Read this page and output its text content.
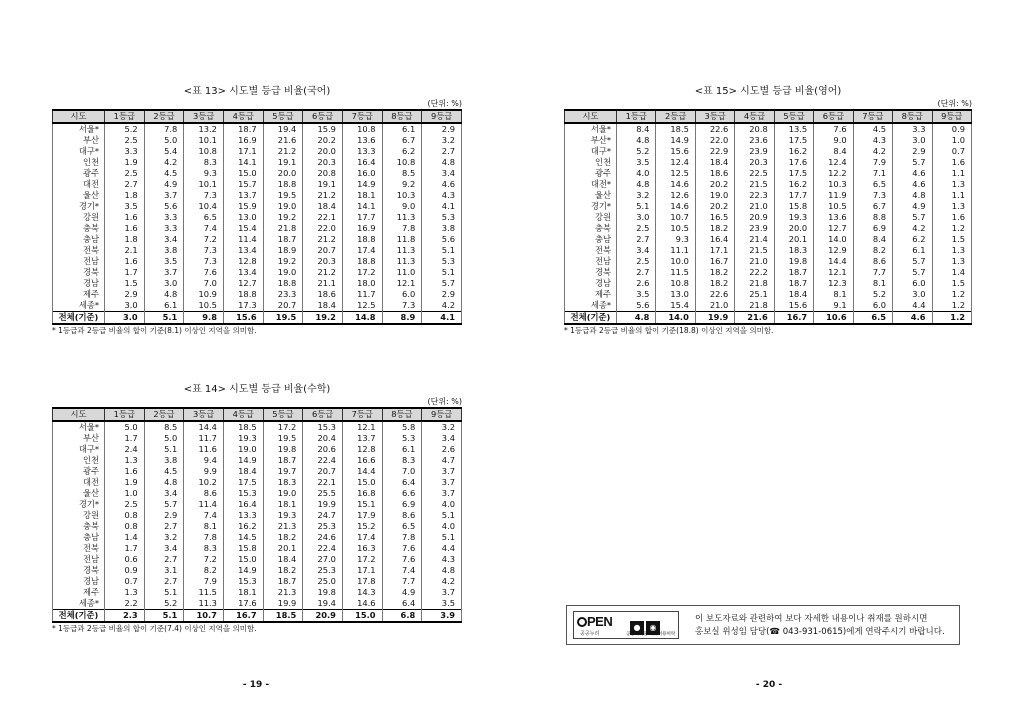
<표 13> 시도별 등급 비율(국어)
(단위: %)
시도	1등급	2등급	3등급	4등급	5등급	6등급	7등급	8등급	9등급
서울*	5.2	7.8	13.2	18.7	19.4	15.9	10.8	6.1	2.9
부산	2.5	5.0	10.1	16.9	21.6	20.2	13.6	6.7	3.2
대구*	3.3	5.4	10.8	17.1	21.2	20.0	13.3	6.2	2.7
인천	1.9	4.2	8.3	14.1	19.1	20.3	16.4	10.8	4.8
광주	2.5	4.5	9.3	15.0	20.0	20.8	16.0	8.5	3.4
대전	2.7	4.9	10.1	15.7	18.8	19.1	14.9	9.2	4.6
울산	1.8	3.7	7.3	13.7	19.5	21.2	18.1	10.3	4.3
경기*	3.5	5.6	10.4	15.9	19.0	18.4	14.1	9.0	4.1
강원	1.6	3.3	6.5	13.0	19.2	22.1	17.7	11.3	5.3
충북	1.6	3.3	7.4	15.4	21.8	22.0	16.9	7.8	3.8
충남	1.8	3.4	7.2	11.4	18.7	21.2	18.8	11.8	5.6
전북	2.1	3.8	7.3	13.4	18.9	20.7	17.4	11.3	5.1
전남	1.6	3.5	7.3	12.8	19.2	20.3	18.8	11.3	5.3
경북	1.7	3.7	7.6	13.4	19.0	21.2	17.2	11.0	5.1
경남	1.5	3.0	7.0	12.7	18.8	21.1	18.0	12.1	5.7
제주	2.9	4.8	10.9	18.8	23.3	18.6	11.7	6.0	2.9
세종*	3.0	6.1	10.5	17.3	20.7	18.4	12.5	7.3	4.2
전체(기준)	3.0	5.1	9.8	15.6	19.5	19.2	14.8	8.9	4.1
* 1등급과 2등급 비율의 합이 기준(8.1) 이상인 지역을 의미함.
<표 14> 시도별 등급 비율(수학)
(단위: %)
시도	1등급	2등급	3등급	4등급	5등급	6등급	7등급	8등급	9등급
서울*	5.0	8.5	14.4	18.5	17.2	15.3	12.1	5.8	3.2
부산	1.7	5.0	11.7	19.3	19.5	20.4	13.7	5.3	3.4
대구*	2.4	5.1	11.6	19.0	19.8	20.6	12.8	6.1	2.6
인천	1.3	3.8	9.4	14.9	18.7	22.4	16.6	8.3	4.7
광주	1.6	4.5	9.9	18.4	19.7	20.7	14.4	7.0	3.7
대전	1.9	4.8	10.2	17.5	18.3	22.1	15.0	6.4	3.7
울산	1.0	3.4	8.6	15.3	19.0	25.5	16.8	6.6	3.7
경기*	2.5	5.7	11.4	16.4	18.1	19.9	15.1	6.9	4.0
강원	0.8	2.9	7.4	13.3	19.3	24.7	17.9	8.6	5.1
충북	0.8	2.7	8.1	16.2	21.3	25.3	15.2	6.5	4.0
충남	1.4	3.2	7.8	14.5	18.2	24.6	17.4	7.8	5.1
전북	1.7	3.4	8.3	15.8	20.1	22.4	16.3	7.6	4.4
전남	0.6	2.7	7.2	15.0	18.4	27.0	17.2	7.6	4.3
경북	0.9	3.1	8.2	14.9	18.2	25.3	17.1	7.4	4.8
경남	0.7	2.7	7.9	15.3	18.7	25.0	17.8	7.7	4.2
제주	1.3	5.1	11.5	18.1	21.3	19.8	14.3	4.9	3.7
세종*	2.2	5.2	11.3	17.6	19.9	19.4	14.6	6.4	3.5
전체(기준)	2.3	5.1	10.7	16.7	18.5	20.9	15.0	6.8	3.9
* 1등급과 2등급 비율의 합이 기준(7.4) 이상인 지역을 의미함.
<표 15> 시도별 등급 비율(영어)
(단위: %)
시도	1등급	2등급	3등급	4등급	5등급	6등급	7등급	8등급	9등급
서울*	8.4	18.5	22.6	20.8	13.5	7.6	4.5	3.3	0.9
부산*	4.8	14.9	22.0	23.6	17.5	9.0	4.3	3.0	1.0
대구*	5.2	15.6	22.9	23.9	16.2	8.4	4.2	2.9	0.7
인천	3.5	12.4	18.4	20.3	17.6	12.4	7.9	5.7	1.6
광주	4.0	12.5	18.6	22.5	17.5	12.2	7.1	4.6	1.1
대전*	4.8	14.6	20.2	21.5	16.2	10.3	6.5	4.6	1.3
울산	3.2	12.6	19.0	22.3	17.7	11.9	7.3	4.8	1.1
경기*	5.1	14.6	20.2	21.0	15.8	10.5	6.7	4.9	1.3
강원	3.0	10.7	16.5	20.9	19.3	13.6	8.8	5.7	1.6
충북	2.5	10.5	18.2	23.9	20.0	12.7	6.9	4.2	1.2
충남	2.7	9.3	16.4	21.4	20.1	14.0	8.4	6.2	1.5
전북	3.4	11.1	17.1	21.5	18.3	12.9	8.2	6.1	1.3
전남	2.5	10.0	16.7	21.0	19.8	14.4	8.6	5.7	1.3
경북	2.7	11.5	18.2	22.2	18.7	12.1	7.7	5.7	1.4
경남	2.6	10.8	18.2	21.8	18.7	12.3	8.1	6.0	1.5
제주	3.5	13.0	22.6	25.1	18.4	8.1	5.2	3.0	1.2
세종*	5.6	15.4	21.0	21.8	15.6	9.1	6.0	4.4	1.2
전체(기준)	4.8	14.0	19.9	21.6	16.7	10.6	6.5	4.6	1.2
* 1등급과 2등급 비율의 합이 기준(18.8) 이상인 지역을 의미함.
PEN
공공누리
● ◉
공공저작물 자유이용허락
이 보도자료와 관련하여 보다 자세한 내용이나 취재를 원하시면
홍보실 위성임 담당(☎ 043-931-0615)에게 연락주시기 바랍니다.
- 19 -	- 20 -
